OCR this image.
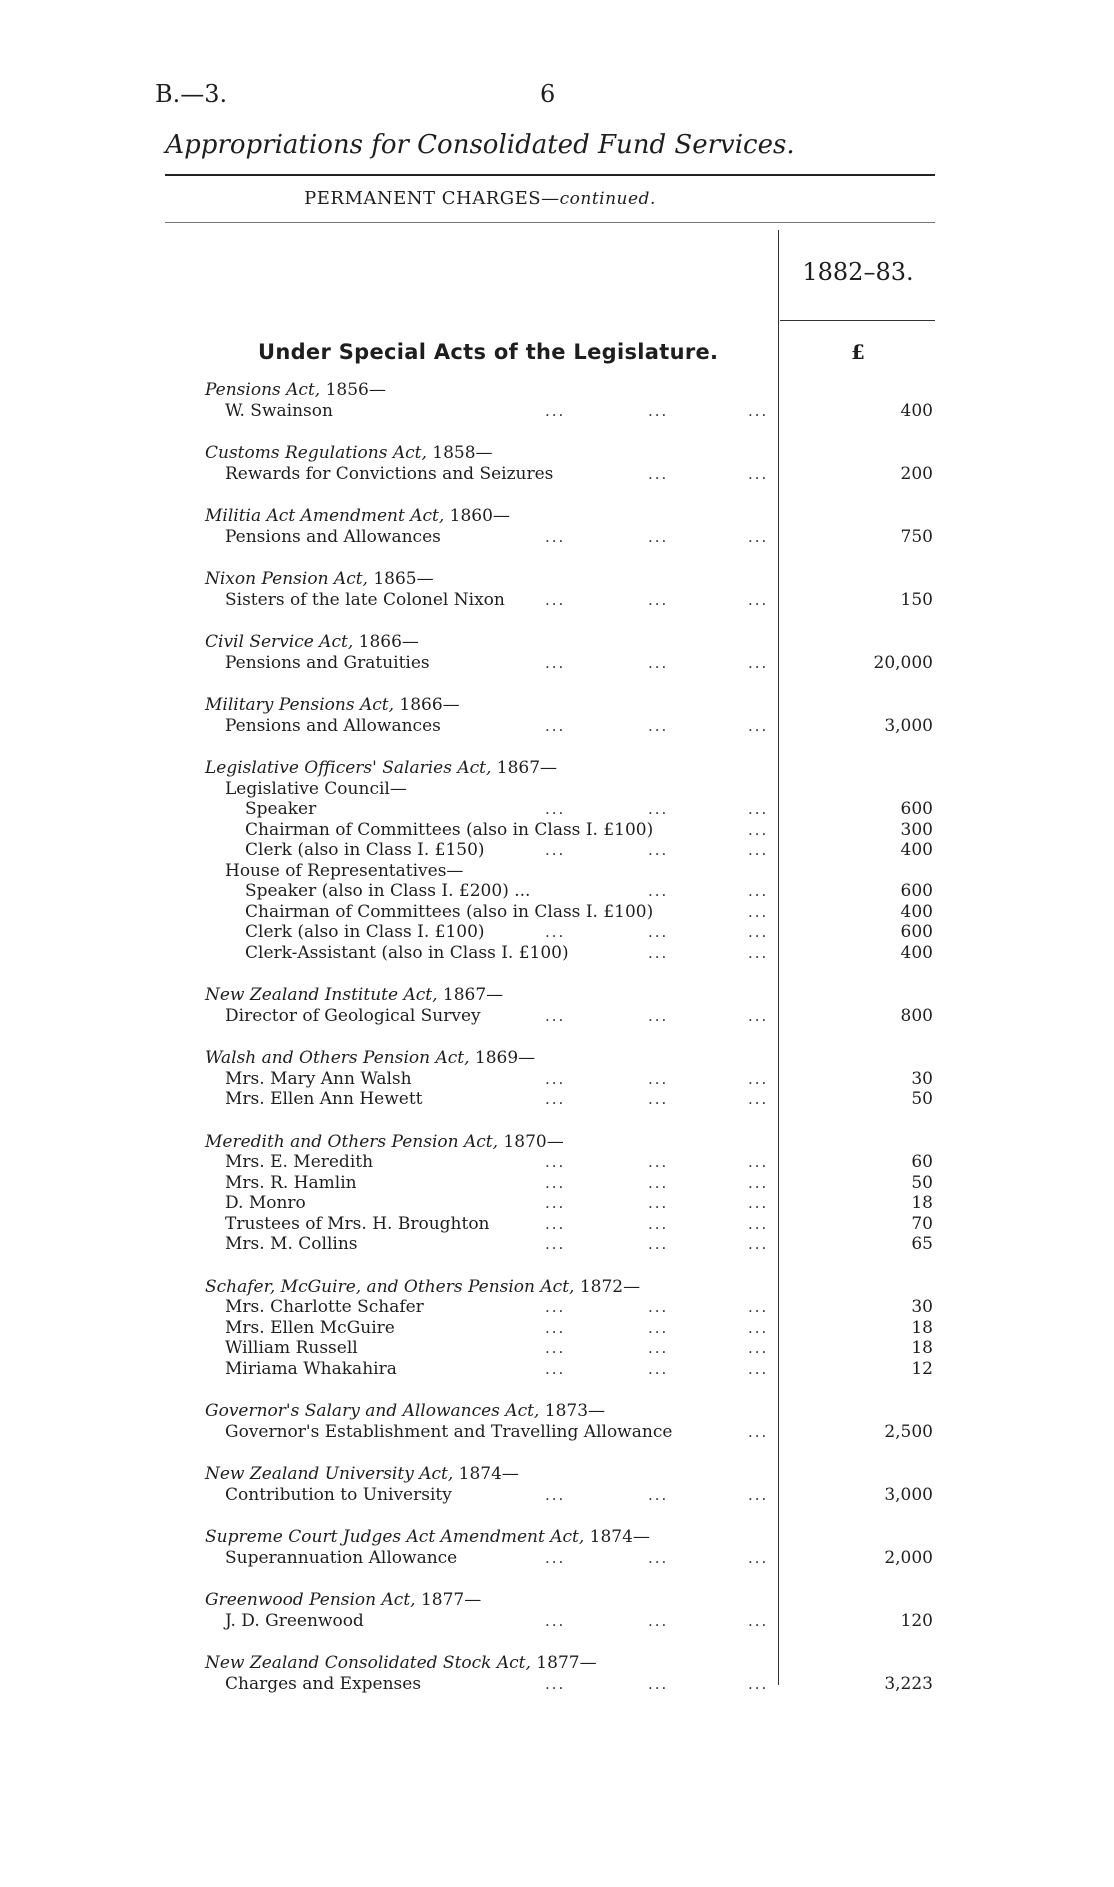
B.—3.	6
Appropriations for Consolidated Fund Services.
PERMANENT CHARGES—continued.
1882–83.
Under Special Acts of the Legislature.	£
Pensions Act, 1856—
W. Swainson	...	...	...	400
Customs Regulations Act, 1858—
Rewards for Convictions and Seizures	...	...	200
Militia Act Amendment Act, 1860—
Pensions and Allowances	...	...	...	750
Nixon Pension Act, 1865—
Sisters of the late Colonel Nixon	...	...	...	150
Civil Service Act, 1866—
Pensions and Gratuities	...	...	...	20,000
Military Pensions Act, 1866—
Pensions and Allowances	...	...	...	3,000
Legislative Officers' Salaries Act, 1867—
Legislative Council—
Speaker	...	...	...	600
Chairman of Committees (also in Class I. £100)	...	300
Clerk (also in Class I. £150)	...	...	...	400
House of Representatives—
Speaker (also in Class I. £200) ...	...	...	600
Chairman of Committees (also in Class I. £100)	...	400
Clerk (also in Class I. £100)	...	...	...	600
Clerk-Assistant (also in Class I. £100)	...	...	400
New Zealand Institute Act, 1867—
Director of Geological Survey	...	...	...	800
Walsh and Others Pension Act, 1869—
Mrs. Mary Ann Walsh	...	...	...	30
Mrs. Ellen Ann Hewett	...	...	...	50
Meredith and Others Pension Act, 1870—
Mrs. E. Meredith	...	...	...	60
Mrs. R. Hamlin	...	...	...	50
D. Monro	...	...	...	18
Trustees of Mrs. H. Broughton	...	...	...	70
Mrs. M. Collins	...	...	...	65
Schafer, McGuire, and Others Pension Act, 1872—
Mrs. Charlotte Schafer	...	...	...	30
Mrs. Ellen McGuire	...	...	...	18
William Russell	...	...	...	18
Miriama Whakahira	...	...	...	12
Governor's Salary and Allowances Act, 1873—
Governor's Establishment and Travelling Allowance	...	2,500
New Zealand University Act, 1874—
Contribution to University	...	...	...	3,000
Supreme Court Judges Act Amendment Act, 1874—
Superannuation Allowance	...	...	...	2,000
Greenwood Pension Act, 1877—
J. D. Greenwood	...	...	...	120
New Zealand Consolidated Stock Act, 1877—
Charges and Expenses	...	...	...	3,223
